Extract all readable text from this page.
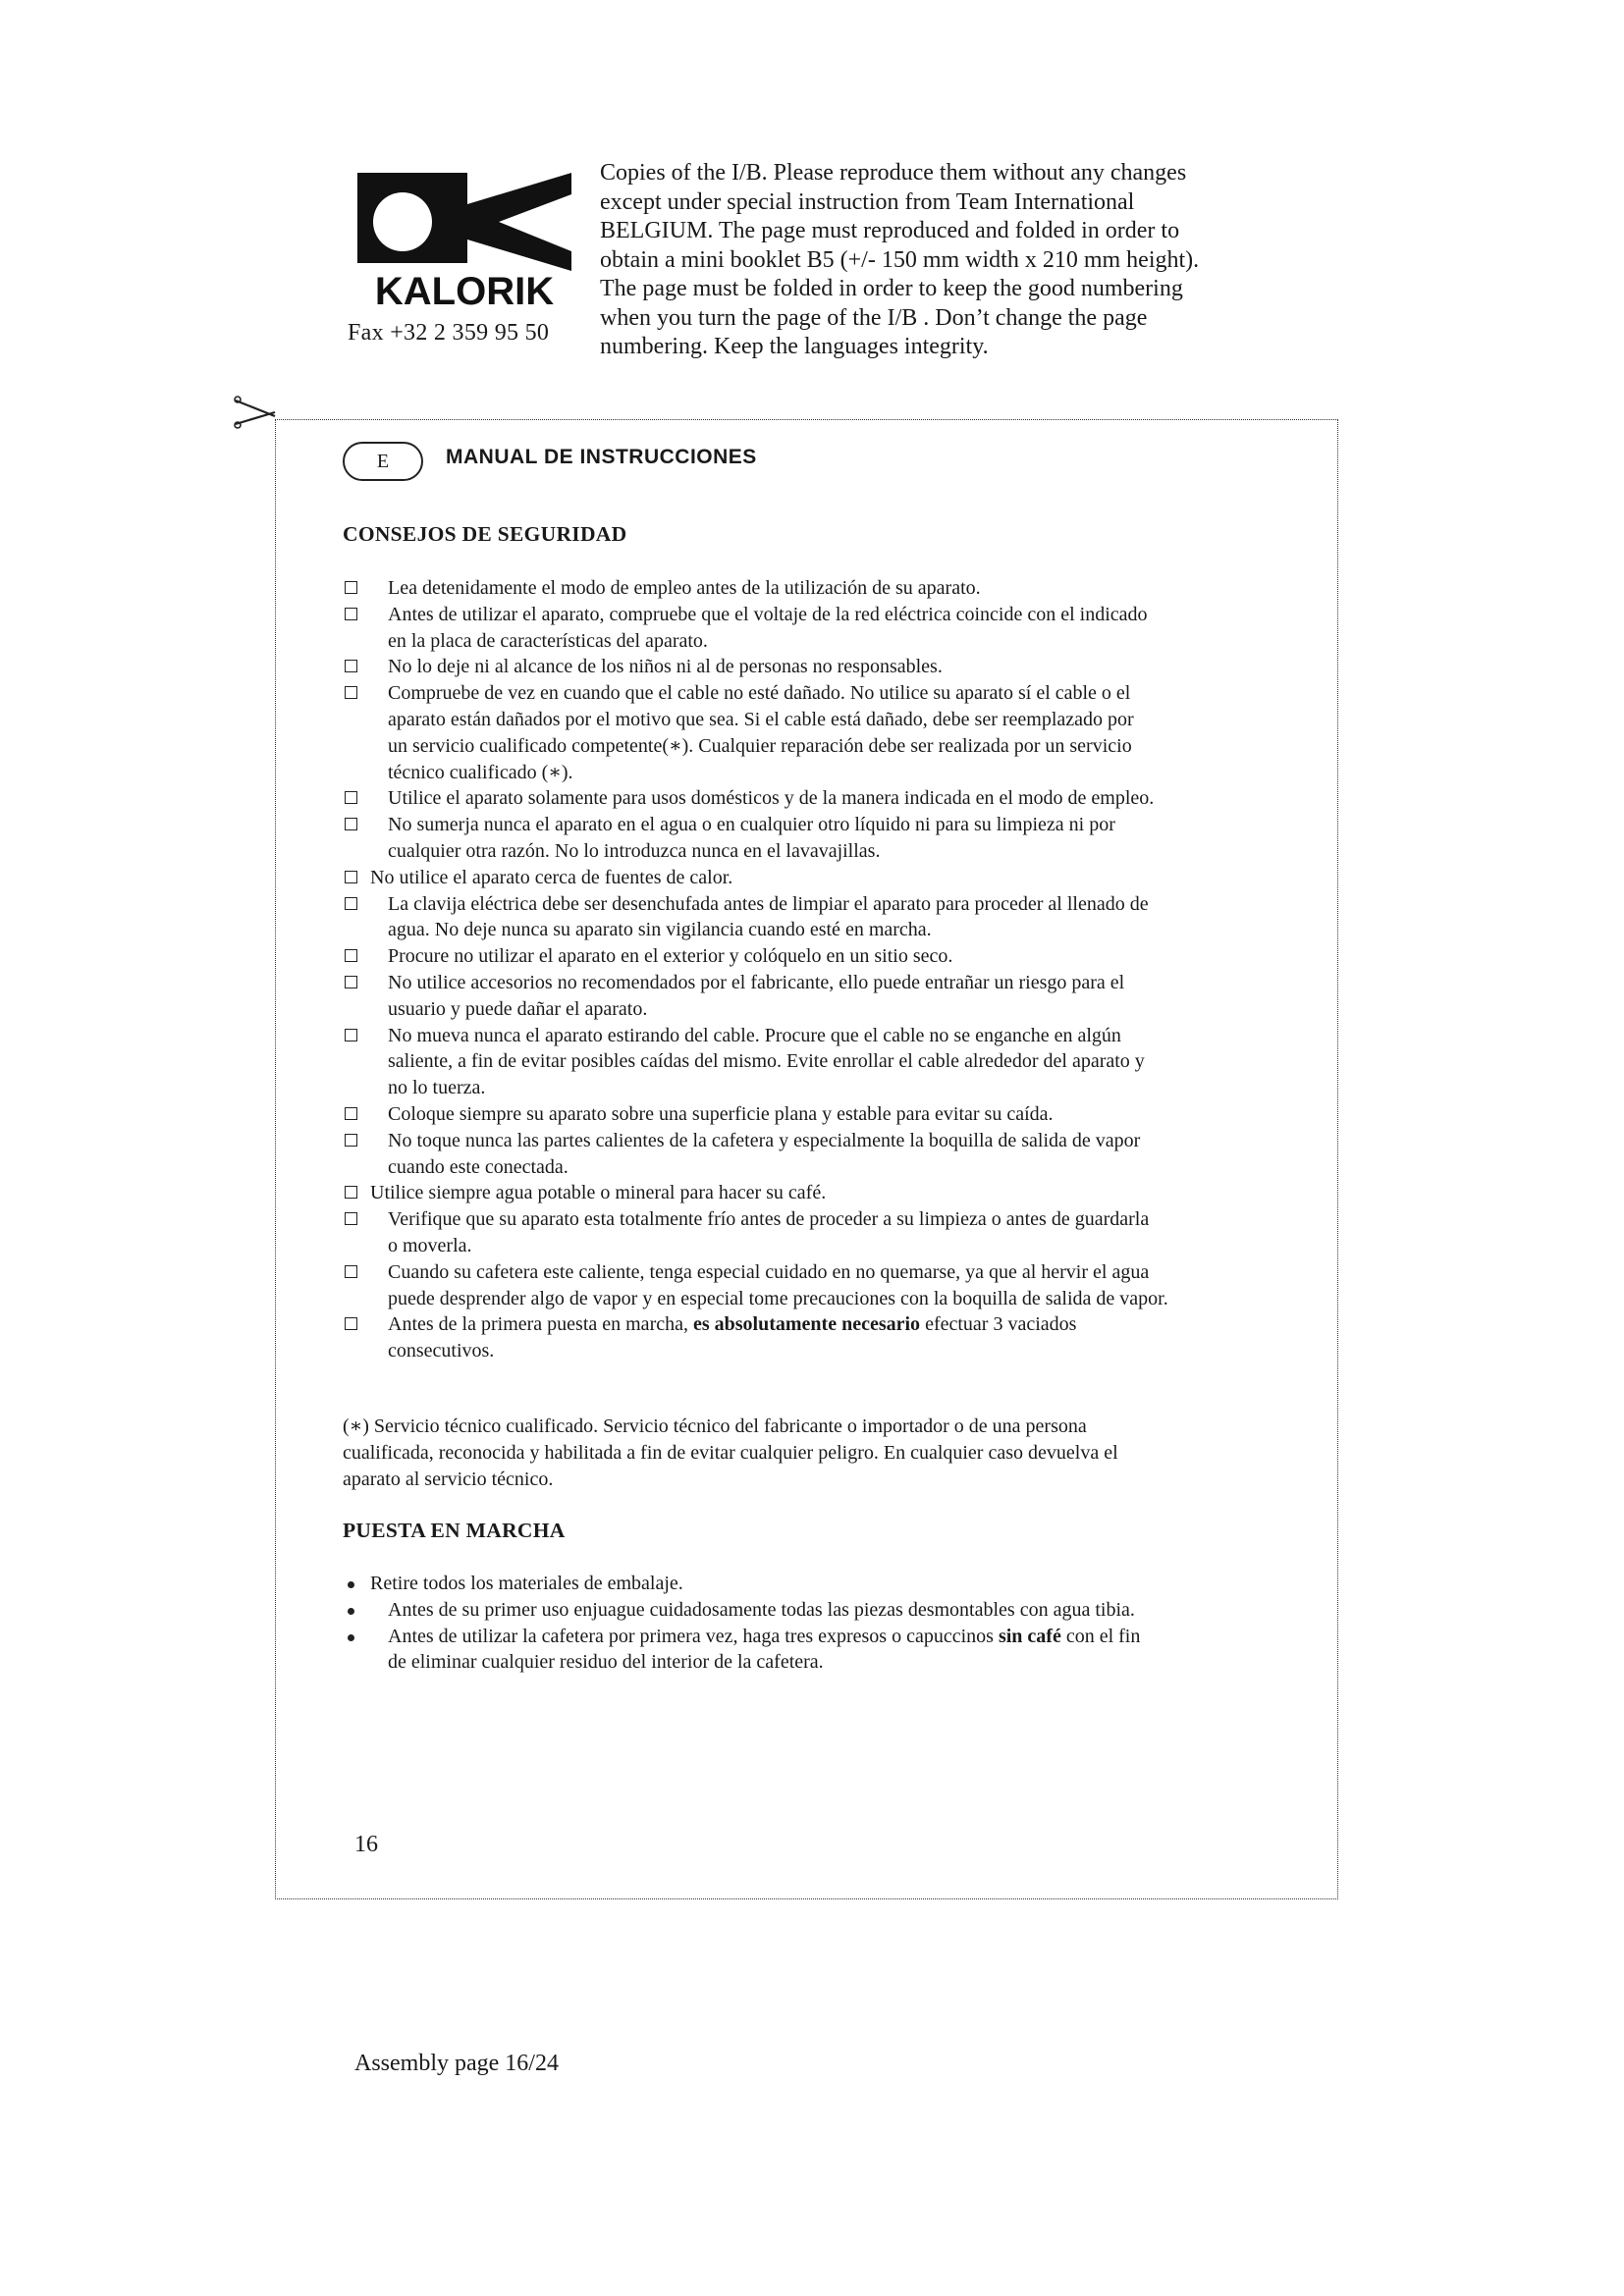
KALORIK
Fax +32 2 359 95 50

Copies of the I/B. Please reproduce them without any changes
except under special instruction from Team International
BELGIUM. The page must reproduced and folded in order to
obtain a mini booklet B5 (+/- 150 mm width x 210 mm height).
The page must be folded in order to keep the good numbering
when you turn the page of the I/B . Don’t change the page
numbering. Keep the languages integrity.

E	MANUAL DE INSTRUCCIONES
CONSEJOS DE SEGURIDAD
Lea detenidamente el modo de empleo antes de la utilización de su aparato.
Antes de utilizar el aparato, compruebe que el voltaje de la red eléctrica coincide con el indicado
en la placa de características del aparato.
No lo deje ni al alcance de los niños ni al de personas no responsables.
Compruebe de vez en cuando que el cable no esté dañado. No utilice su aparato sí el cable o el
aparato están dañados por el motivo que sea. Si el cable está dañado, debe ser reemplazado por
un servicio cualificado competente(∗). Cualquier reparación debe ser realizada por un servicio
técnico cualificado (∗).
Utilice el aparato solamente para usos domésticos y de la manera indicada en el modo de empleo.
No sumerja nunca el aparato en el agua o en cualquier otro líquido ni para su limpieza ni por
cualquier otra razón. No lo introduzca nunca en el lavavajillas.
No utilice el aparato cerca de fuentes de calor.
La clavija eléctrica debe ser desenchufada antes de limpiar el aparato para proceder al llenado de
agua. No deje nunca su aparato sin vigilancia cuando esté en marcha.
Procure no utilizar el aparato en el exterior y colóquelo en un sitio seco.
No utilice accesorios no recomendados por el fabricante, ello puede entrañar un riesgo para el
usuario y puede dañar el aparato.
No mueva nunca el aparato estirando del cable. Procure que el cable no se enganche en algún
saliente, a fin de evitar posibles caídas del mismo. Evite enrollar el cable alrededor del aparato y
no lo tuerza.
Coloque siempre su aparato sobre una superficie plana y estable para evitar su caída.
No toque nunca las partes calientes de la cafetera y especialmente la boquilla de salida de vapor
cuando este conectada.
Utilice siempre agua potable o mineral para hacer su café.
Verifique que su aparato esta totalmente frío antes de proceder a su limpieza o antes de guardarla
o moverla.
Cuando su cafetera este caliente, tenga especial cuidado en no quemarse, ya que al hervir el agua
puede desprender algo de vapor y en especial tome precauciones con la boquilla de salida de vapor.
Antes de la primera puesta en marcha, es absolutamente necesario efectuar 3 vaciados
consecutivos.

(∗) Servicio técnico cualificado. Servicio técnico del fabricante o importador o de una persona
cualificada, reconocida y habilitada a fin de evitar cualquier peligro. En cualquier caso devuelva el
aparato al servicio técnico.

PUESTA EN MARCHA
Retire todos los materiales de embalaje.
Antes de su primer uso enjuague cuidadosamente todas las piezas desmontables con agua tibia.
Antes de utilizar la cafetera por primera vez, haga tres expresos o capuccinos sin café con el fin
de eliminar cualquier residuo del interior de la cafetera.
16
Assembly page 16/24
